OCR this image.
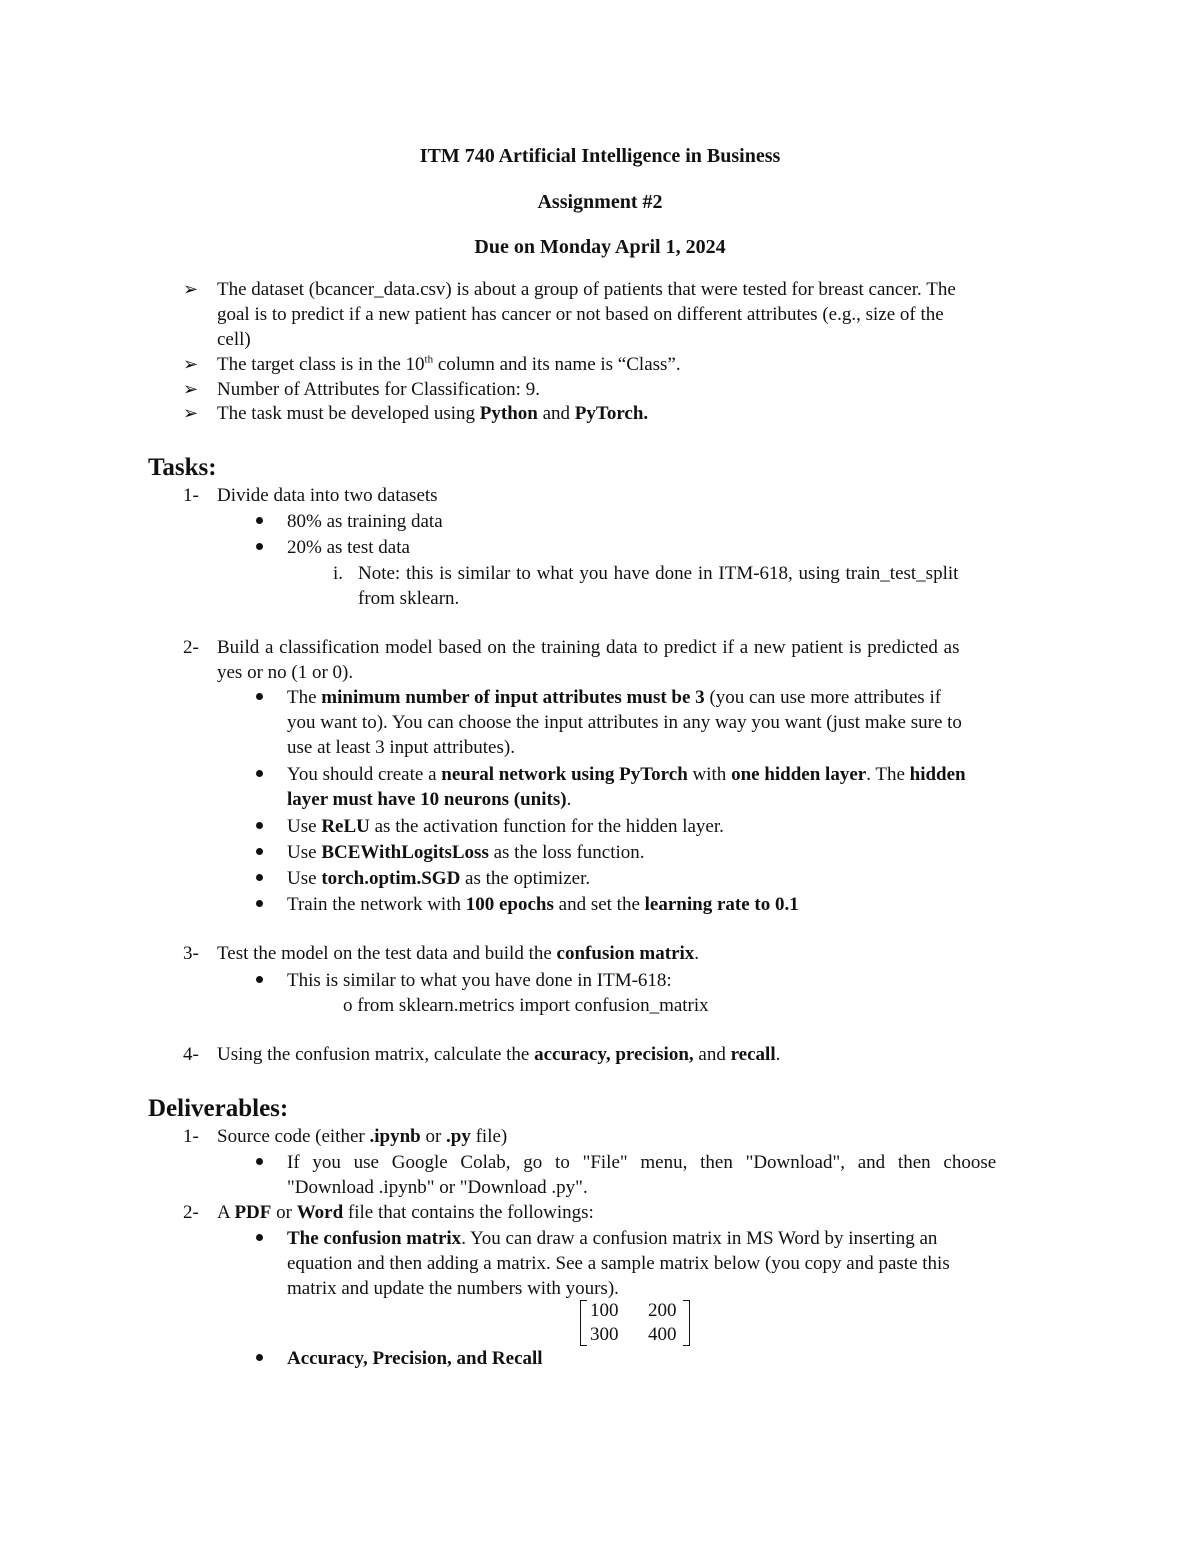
ITM 740 Artificial Intelligence in Business
Assignment #2
Due on Monday April 1, 2024
➢ The dataset (bcancer_data.csv) is about a group of patients that were tested for breast cancer. The

goal is to predict if a new patient has cancer or not based on different attributes (e.g., size of the
cell)
➢ The target class is in the 10th column and its name is “Class”.
➢ Number of Attributes for Classification: 9.
➢ The task must be developed using Python and PyTorch.
Tasks:
1- Divide data into two datasets
80% as training data
20% as test data
i. Note: this is similar to what you have done in ITM-618, using train_test_split
from sklearn.
2- Build a classification model based on the training data to predict if a new patient is predicted as
yes or no (1 or 0).
The minimum number of input attributes must be 3 (you can use more attributes if
you want to). You can choose the input attributes in any way you want (just make sure to
use at least 3 input attributes).
You should create a neural network using PyTorch with one hidden layer. The hidden
layer must have 10 neurons (units).
Use ReLU as the activation function for the hidden layer.
Use BCEWithLogitsLoss as the loss function.
Use torch.optim.SGD as the optimizer.
Train the network with 100 epochs and set the learning rate to 0.1
3- Test the model on the test data and build the confusion matrix.
This is similar to what you have done in ITM-618:
o from sklearn.metrics import confusion_matrix
4- Using the confusion matrix, calculate the accuracy, precision, and recall.
Deliverables:
1- Source code (either .ipynb or .py file)
If you use Google Colab, go to "File" menu, then "Download", and then choose
"Download .ipynb" or "Download .py".
2- A PDF or Word file that contains the followings:
The confusion matrix. You can draw a confusion matrix in MS Word by inserting an
equation and then adding a matrix. See a sample matrix below (you copy and paste this
matrix and update the numbers with yours).
100 200
300 400
Accuracy, Precision, and Recall
